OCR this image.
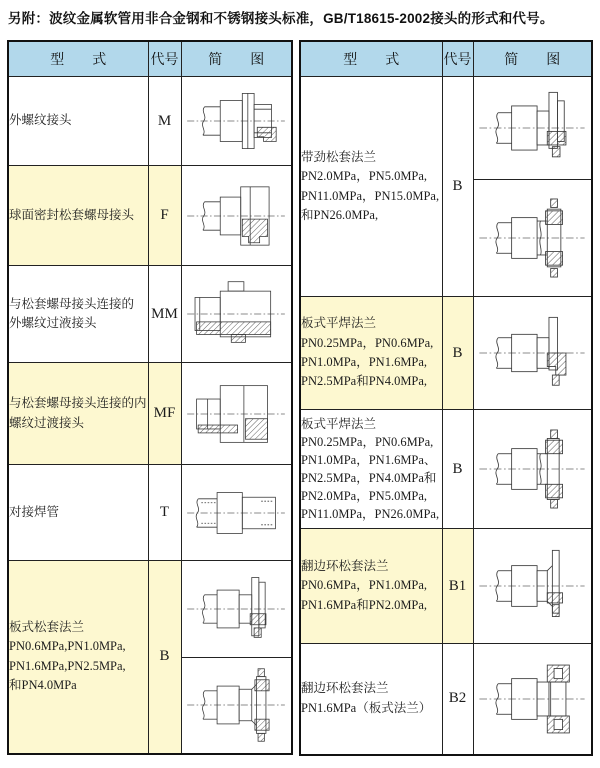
另附：波纹金属软管用非合金钢和不锈钢接头标准，GB/T18615-2002接头的形式和代号。
型　　式	代号	简　　图

外螺纹接头	M	

球面密封松套螺母接头	F	

与松套螺母接头连接的
外螺纹过液接头	MM	

与松套螺母接头连接的内
螺纹过渡接头	MF	

对接焊管	T	

板式松套法兰
PN0.6MPa,PN1.0MPa,
PN1.6MPa,PN2.5MPa,
和PN4.0MPa	B	

型　　式	代号	简　　图

带劲松套法兰
PN2.0MPa，PN5.0MPa,
PN11.0MPa，PN15.0MPa,
和PN26.0MPa,	B	

板式平焊法兰
PN0.25MPa，PN0.6MPa,
PN1.0MPa，PN1.6MPa,
PN2.5MPa和PN4.0MPa,	B	

板式平焊法兰
PN0.25MPa，PN0.6MPa,
PN1.0MPa，PN1.6MPa、
PN2.5MPa，PN4.0MPa和
PN2.0MPa，PN5.0MPa,
PN11.0MPa，PN26.0MPa,
	B	

翻边环松套法兰
PN0.6MPa，PN1.0MPa,
PN1.6MPa和PN2.0MPa,	B1	

翻边环松套法兰
PN1.6MPa（板式法兰）	B2	
